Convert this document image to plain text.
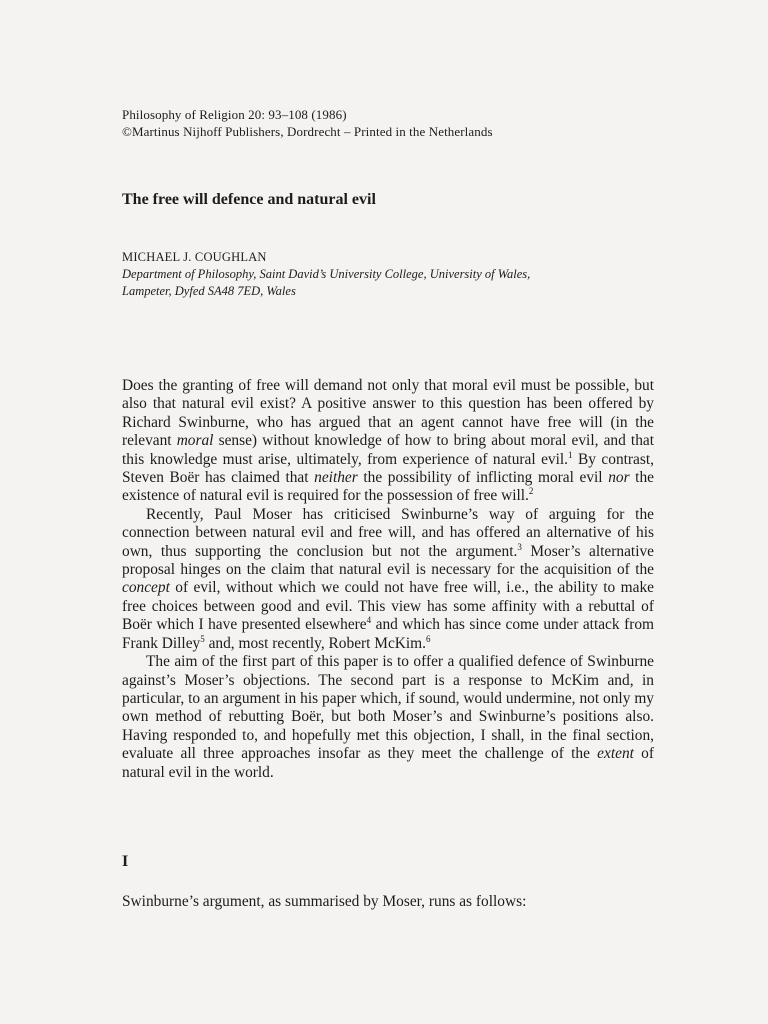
Philosophy of Religion 20: 93–108 (1986)
©Martinus Nijhoff Publishers, Dordrecht – Printed in the Netherlands
The free will defence and natural evil
MICHAEL J. COUGHLAN
Department of Philosophy, Saint David’s University College, University of Wales,
Lampeter, Dyfed SA48 7ED, Wales

Does the granting of free will demand not only that moral evil must be possible, but also that natural evil exist? A positive answer to this question has been offered by Richard Swinburne, who has argued that an agent cannot have free will (in the relevant moral sense) without knowledge of how to bring about moral evil, and that this knowledge must arise, ultimately, from experience of natural evil.$^1$ By contrast, Steven Boër has claimed that neither the possibility of inflicting moral evil nor the existence of natural evil is required for the possession of free will.$^2$

Recently, Paul Moser has criticised Swinburne’s way of arguing for the connection between natural evil and free will, and has offered an alternative of his own, thus supporting the conclusion but not the argument.$^3$ Moser’s alternative proposal hinges on the claim that natural evil is necessary for the acquisition of the concept of evil, without which we could not have free will, i.e., the ability to make free choices between good and evil. This view has some affinity with a rebuttal of Boër which I have presented elsewhere$^4$ and which has since come under attack from Frank Dilley$^5$ and, most recently, Robert McKim.$^6$

The aim of the first part of this paper is to offer a qualified defence of Swinburne against’s Moser’s objections. The second part is a response to McKim and, in particular, to an argument in his paper which, if sound, would undermine, not only my own method of rebutting Boër, but both Moser’s and Swinburne’s positions also. Having responded to, and hopefully met this objection, I shall, in the final section, evaluate all three approaches insofar as they meet the challenge of the extent of natural evil in the world.

I
Swinburne’s argument, as summarised by Moser, runs as follows:
